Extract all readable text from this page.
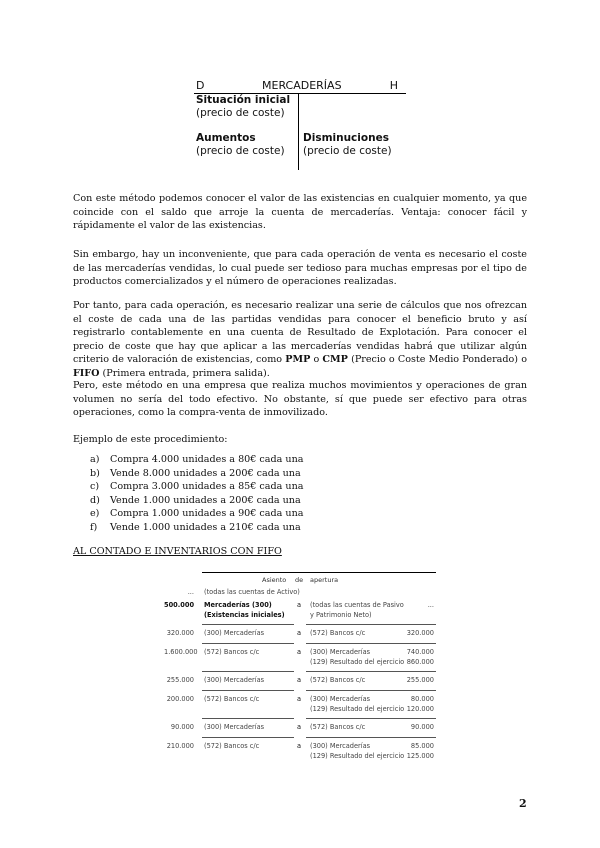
D	MERCADERÍAS	H
Situación inicial
(precio de coste)
Aumentos
(precio de coste)
Disminuciones
(precio de coste)

Con este método podemos conocer el valor de las existencias en cualquier momento, ya que coincide con el saldo que arroje la cuenta de mercaderías. Ventaja: conocer fácil y rápidamente el valor de las existencias.

Sin embargo, hay un inconveniente, que para cada operación de venta es necesario el coste de las mercaderías vendidas, lo cual puede ser tedioso para muchas empresas por el tipo de productos comercializados y el número de operaciones realizadas.

Por tanto, para cada operación, es necesario realizar una serie de cálculos que nos ofrezcan el coste de cada una de las partidas vendidas para conocer el beneficio bruto y así registrarlo contablemente en una cuenta de Resultado de Explotación. Para conocer el precio de coste que hay que aplicar a las mercaderías vendidas habrá que utilizar algún criterio de valoración de existencias, como PMP o CMP (Precio o Coste Medio Ponderado) o FIFO (Primera entrada, primera salida).

Pero, este método en una empresa que realiza muchos movimientos y operaciones de gran volumen no sería del todo efectivo. No obstante, sí que puede ser efectivo para otras operaciones, como la compra-venta de inmovilizado.

Ejemplo de este procedimiento:
a)	Compra 4.000 unidades a 80€ cada una
b)	Vende 8.000 unidades a 200€ cada una
c)	Compra 3.000 unidades a 85€ cada una
d)	Vende 1.000 unidades a 200€ cada una
e)	Compra 1.000 unidades a 90€ cada una
f)	Vende 1.000 unidades a 210€ cada una
AL CONTADO E INVENTARIOS CON FIFO
Asiento de apertura
... (todas las cuentas de Activo)
500.000 Mercaderías (300)	a (todas las cuentas de Pasivo	...
(Existencias iniciales)	y Patrimonio Neto)
320.000 (300) Mercaderías	a (572) Bancos c/c	320.000
1.600.000 (572) Bancos c/c	a (300) Mercaderías	740.000
(129) Resultado del ejercicio 860.000
255.000 (300) Mercaderías	a (572) Bancos c/c	255.000
200.000 (572) Bancos c/c	a (300) Mercaderías	80.000
(129) Resultado del ejercicio 120.000
90.000 (300) Mercaderías	a (572) Bancos c/c	90.000
210.000 (572) Bancos c/c	a (300) Mercaderías	85.000
(129) Resultado del ejercicio 125.000
2
